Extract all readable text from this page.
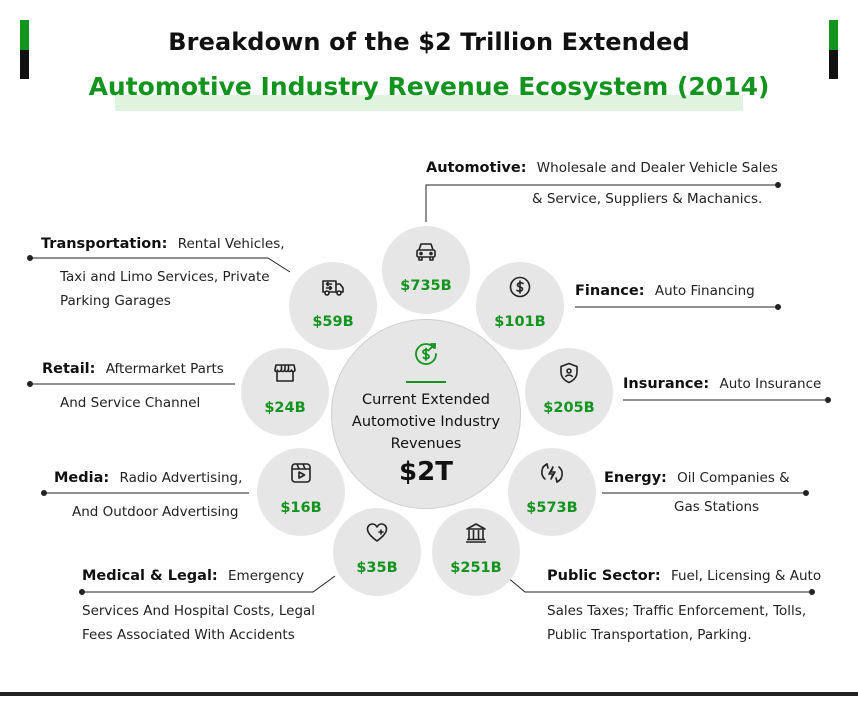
Breakdown of the $2 Trillion Extended
Automotive Industry Revenue Ecosystem (2014)
Current Extended
Automotive Industry
Revenues
$2T
$735B
$101B
$205B
$573B
$251B
$35B
$16B
$24B
$59B
Automotive: Wholesale and Dealer Vehicle Sales
& Service, Suppliers & Machanics.
Finance: Auto Financing
Insurance: Auto Insurance
Energy: Oil Companies &
Gas Stations
Public Sector: Fuel, Licensing & Auto
Sales Taxes; Traffic Enforcement, Tolls,
Public Transportation, Parking.
Medical & Legal: Emergency
Services And Hospital Costs, Legal
Fees Associated With Accidents
Media: Radio Advertising,
And Outdoor Advertising
Retail: Aftermarket Parts
And Service Channel
Transportation: Rental Vehicles,
Taxi and Limo Services, Private
Parking Garages
